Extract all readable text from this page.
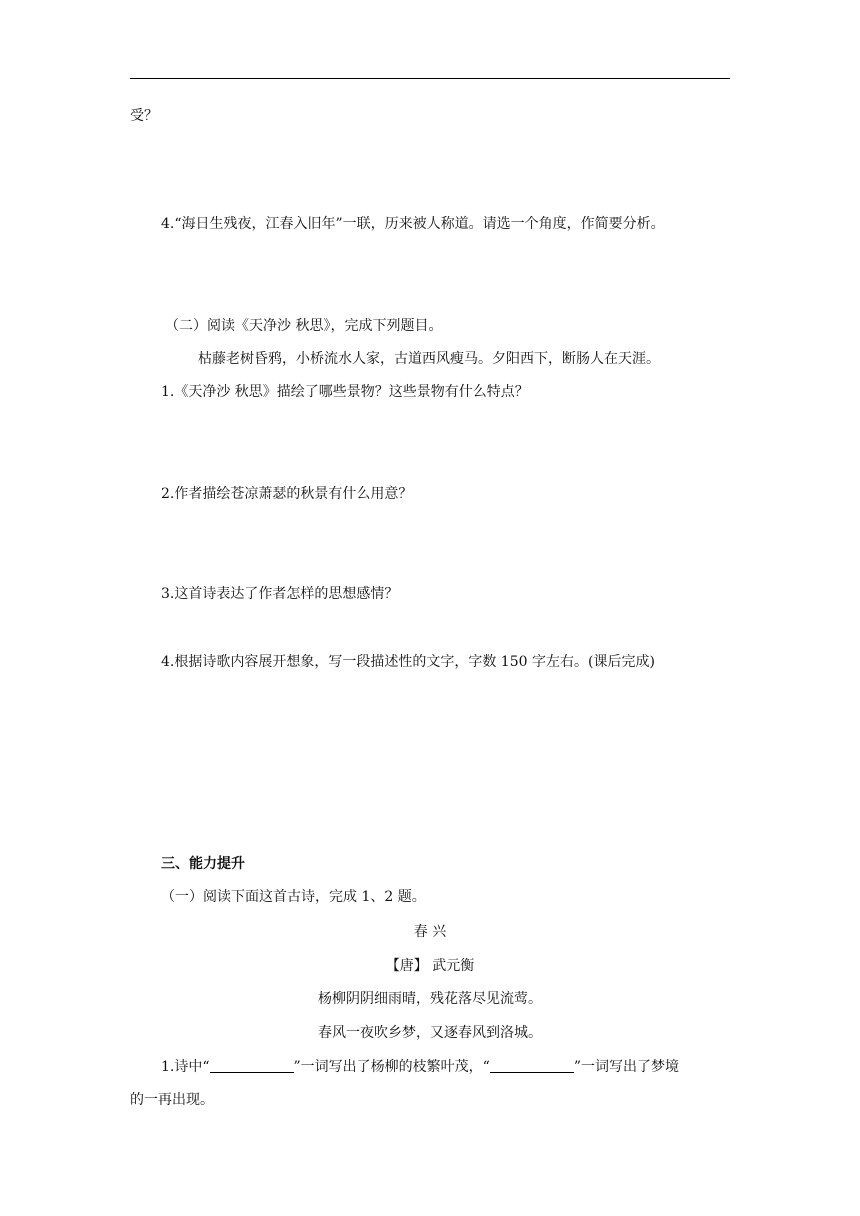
受？
4.“海日生残夜，江春入旧年”一联，历来被人称道。请选一个角度，作简要分析。
（二）阅读《天净沙 秋思》，完成下列题目。
枯藤老树昏鸦，小桥流水人家，古道西风瘦马。夕阳西下，断肠人在天涯。
1.《天净沙 秋思》描绘了哪些景物？这些景物有什么特点？
2.作者描绘苍凉萧瑟的秋景有什么用意？
3.这首诗表达了作者怎样的思想感情？
4.根据诗歌内容展开想象，写一段描述性的文字，字数 150 字左右。(课后完成)
三、能力提升
（一）阅读下面这首古诗，完成 1、2 题。
春 兴
【唐】 武元衡
杨柳阴阴细雨晴，残花落尽见流莺。
春风一夜吹乡梦，又逐春风到洛城。
1.诗中“	”一词写出了杨柳的枝繁叶茂，“	”一词写出了梦境
的一再出现。
